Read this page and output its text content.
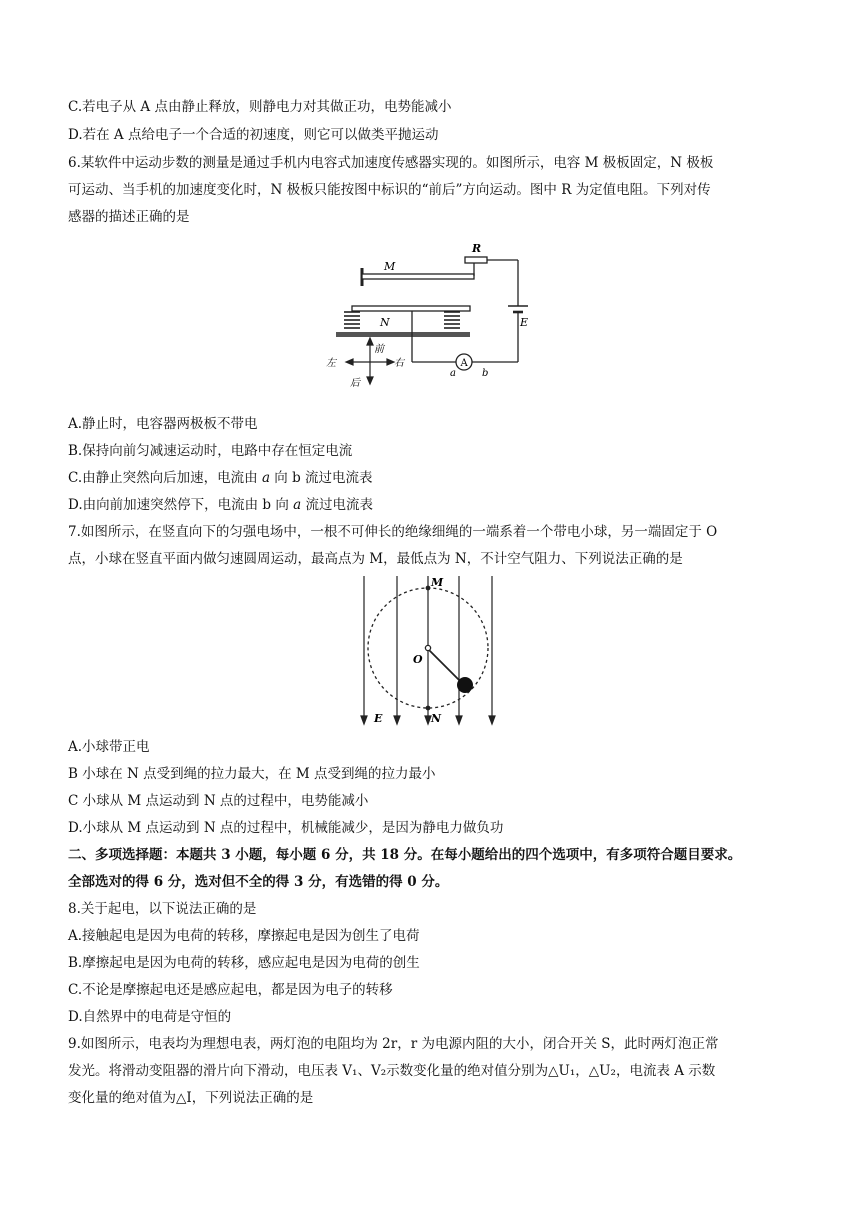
C.若电子从 A 点由静止释放，则静电力对其做正功，电势能减小
D.若在 A 点给电子一个合适的初速度，则它可以做类平抛运动
6.某软件中运动步数的测量是通过手机内电容式加速度传感器实现的。如图所示，电容 M 极板固定，N 极板
可运动、当手机的加速度变化时，N 极板只能按图中标识的“前后”方向运动。图中 R 为定值电阻。下列对传
感器的描述正确的是
M
R
E
N
A
a	b
前
后
左	右
A.静止时，电容器两极板不带电
B.保持向前匀减速运动时，电路中存在恒定电流
C.由静止突然向后加速，电流由 a 向 b 流过电流表
D.由向前加速突然停下，电流由 b 向 a 流过电流表
7.如图所示，在竖直向下的匀强电场中，一根不可伸长的绝缘细绳的一端系着一个带电小球，另一端固定于 O
点，小球在竖直平面内做匀速圆周运动，最高点为 M，最低点为 N，不计空气阻力、下列说法正确的是
M
O
N
E
A.小球带正电
B 小球在 N 点受到绳的拉力最大，在 M 点受到绳的拉力最小
C 小球从 M 点运动到 N 点的过程中，电势能减小
D.小球从 M 点运动到 N 点的过程中，机械能减少，是因为静电力做负功
二、多项选择题：本题共 3 小题，每小题 6 分，共 18 分。在每小题给出的四个选项中，有多项符合题目要求。
全部选对的得 6 分，选对但不全的得 3 分，有选错的得 0 分。
8.关于起电，以下说法正确的是
A.接触起电是因为电荷的转移，摩擦起电是因为创生了电荷
B.摩擦起电是因为电荷的转移，感应起电是因为电荷的创生
C.不论是摩擦起电还是感应起电，都是因为电子的转移
D.自然界中的电荷是守恒的
9.如图所示，电表均为理想电表，两灯泡的电阻均为 2r，r 为电源内阻的大小，闭合开关 S，此时两灯泡正常
发光。将滑动变阻器的滑片向下滑动，电压表 V₁、V₂示数变化量的绝对值分别为△U₁，△U₂，电流表 A 示数
变化量的绝对值为△I，下列说法正确的是
